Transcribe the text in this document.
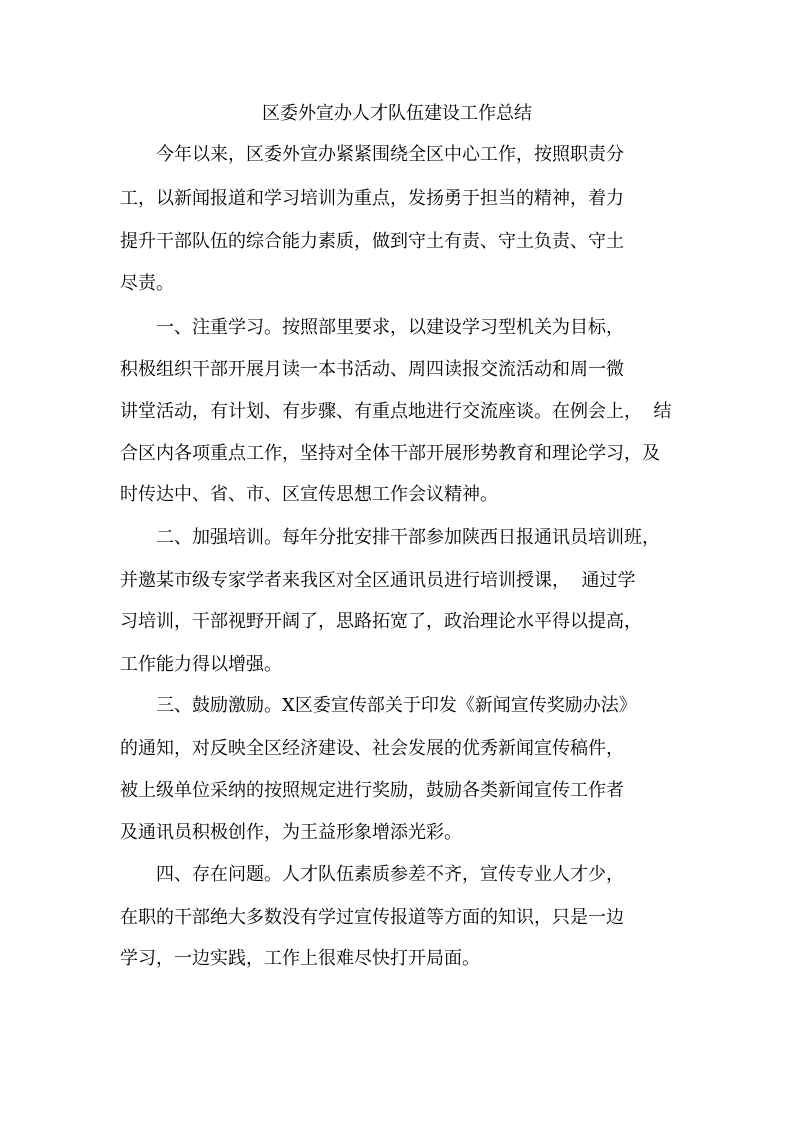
区委外宣办人才队伍建设工作总结

　　今年以来，区委外宣办紧紧围绕全区中心工作，按照职责分

工，以新闻报道和学习培训为重点，发扬勇于担当的精神，着力

提升干部队伍的综合能力素质，做到守土有责、守土负责、守土

尽责。

　　一、注重学习。按照部里要求，以建设学习型机关为目标，

积极组织干部开展月读一本书活动、周四读报交流活动和周一微

讲堂活动，有计划、有步骤、有重点地进行交流座谈。在例会上，  结

合区内各项重点工作，坚持对全体干部开展形势教育和理论学习，及

时传达中、省、市、区宣传思想工作会议精神。

　　二、加强培训。每年分批安排干部参加陕西日报通讯员培训班，

并邀某市级专家学者来我区对全区通讯员进行培训授课，  通过学

习培训，干部视野开阔了，思路拓宽了，政治理论水平得以提高，

工作能力得以增强。

　　三、鼓励激励。X区委宣传部关于印发《新闻宣传奖励办法》

的通知，对反映全区经济建设、社会发展的优秀新闻宣传稿件，

被上级单位采纳的按照规定进行奖励，鼓励各类新闻宣传工作者

及通讯员积极创作，为王益形象增添光彩。

　　四、存在问题。人才队伍素质参差不齐，宣传专业人才少，

在职的干部绝大多数没有学过宣传报道等方面的知识，只是一边

学习，一边实践，工作上很难尽快打开局面。
